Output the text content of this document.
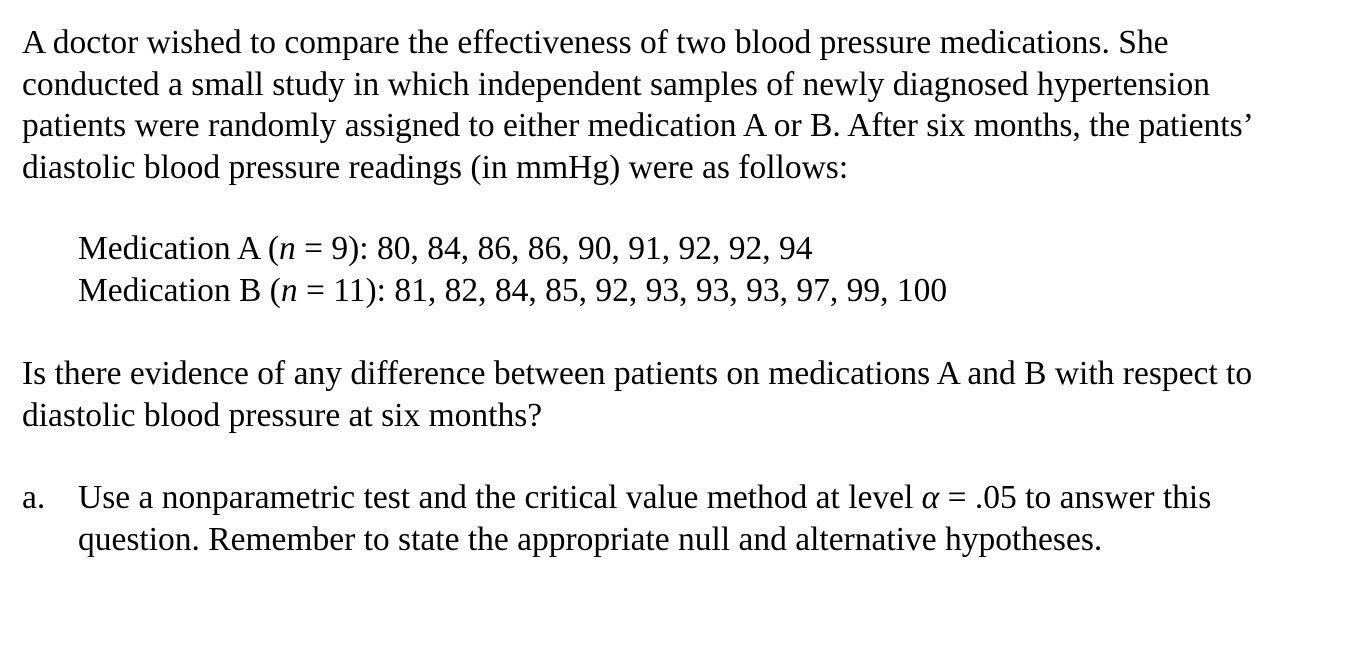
A doctor wished to compare the effectiveness of two blood pressure medications. She conducted a small study in which independent samples of newly diagnosed hypertension patients were randomly assigned to either medication A or B. After six months, the patients’ diastolic blood pressure readings (in mmHg) were as follows:

Medication A (n = 9): 80, 84, 86, 86, 90, 91, 92, 92, 94
Medication B (n = 11): 81, 82, 84, 85, 92, 93, 93, 93, 97, 99, 100

Is there evidence of any difference between patients on medications A and B with respect to diastolic blood pressure at six months?

a. Use a nonparametric test and the critical value method at level α = .05 to answer this question. Remember to state the appropriate null and alternative hypotheses.
